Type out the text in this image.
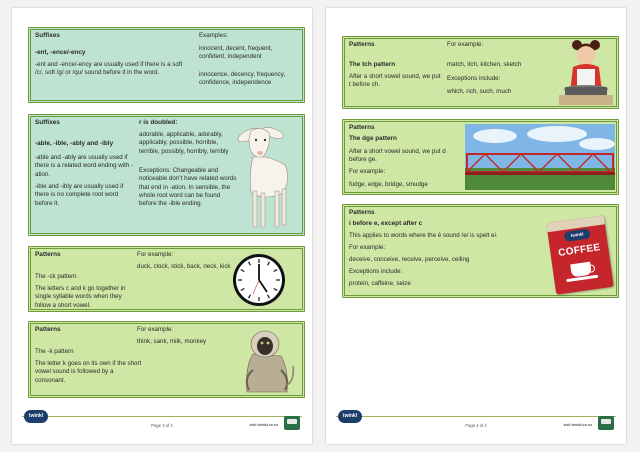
Suffixes	Examples:
-ent, -ence/-ency
-ent and -ence/-ency are usually used if there is a soft /c/, soft /g/ or /qu/ sound before it in the word.
innocent, decent, frequent, confident, independent
innocence, decency, frequency, confidence, independence
Suffixes
-able, -ible, -ably and -ibly
-able and -ably are usually used if there is a related word ending with -ation.
-ible and -ibly are usually used if there is no complete root word before it.
r is doubled:
adorable, applicable, adorably, applicably, possible, horrible, terrible, possibly, horribly, terribly
Exceptions: Changeable and noticeable don’t have related words that end in -ation. In sensible, the whole root word can be found before the -ible ending.
Patterns	For example:
The -ck pattern
The letters c and k go together in single syllable words when they follow a short vowel.
duck, clock, stick, back, neck, kick
Patterns	For example:
The -k pattern
The letter k goes on its own if the short vowel sound is followed by a consonant.
think, sank, milk, monkey
twinkl
Page 3 of 4	visit twinkl.co.nz
Patterns	For example:
The tch pattern
After a short vowel sound, we put t before ch.
match, itch, kitchen, sketch
Exceptions include:
which, rich, such, much
Patterns
The dge pattern
After a short vowel sound, we put d before ge.
For example:
fudge, edge, bridge, smudge
Patterns
i before e, except after c
This applies to words where the ē sound /e/ is spelt ei.
For example:
deceive, conceive, receive, perceive, ceiling
Exceptions include:
protein, caffeine, seize
twinkl
COFFEE
twinkl
Page 4 of 4	visit twinkl.co.nz
